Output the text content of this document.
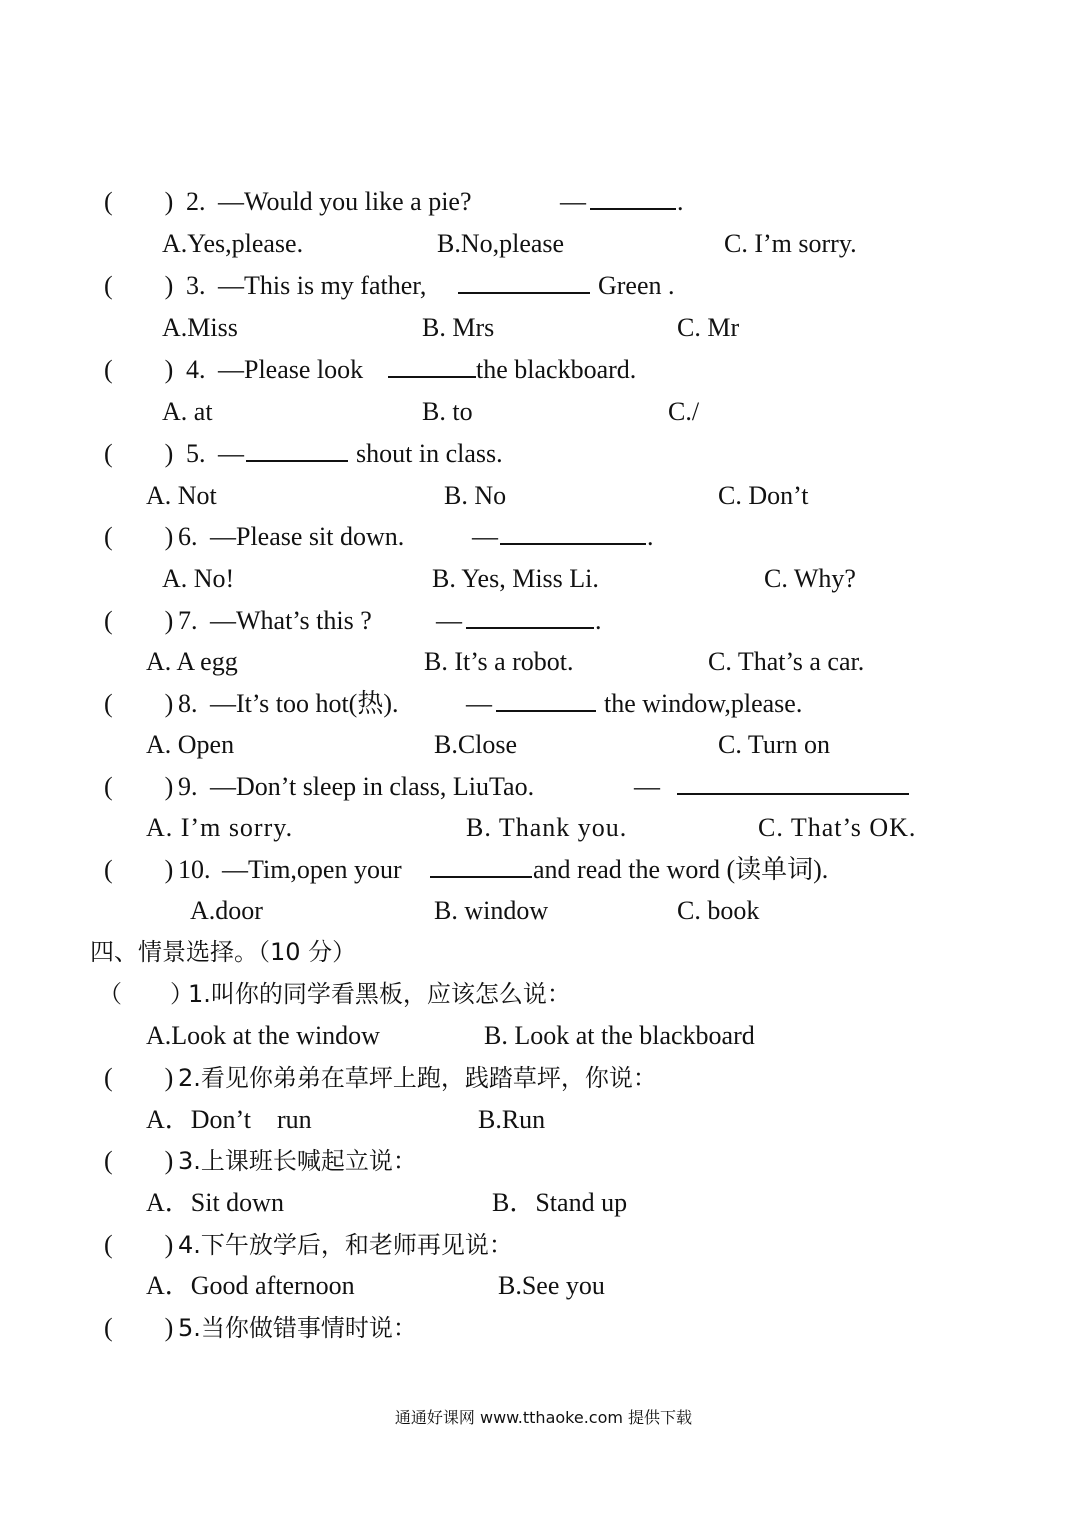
(　　) 2. —Would you like a pie?	—	.
A.Yes,please.	B.No,please	C. I’m sorry.
(　　) 3. —This is my father,	Green .
A.Miss	B. Mrs	C. Mr
(　　) 4. —Please look	the blackboard.
A. at	B. to	C./
(　　) 5. —	shout in class.
A. Not	B. No	C. Don’t
(　　) 6. —Please sit down.	—	.
A. No!	B. Yes, Miss Li.	C. Why?
(　　) 7. —What’s this ? —	.
A. A egg	B. It’s a robot.	C. That’s a car.
(　　) 8. —It’s too hot(热).	—	the window,please.
A. Open	B.Close	C. Turn on
(　　) 9. —Don’t sleep in class, LiuTao.	—
A. I’m sorry.	B. Thank you.	C. That’s OK.
(　　) 10. —Tim,open your	and read the word (读单词).
A.door	B. window	C. book
四、情景选择。（10 分）
（　　）
1.叫你的同学看黑板，应该怎么说：
A.Look at the window	B. Look at the blackboard
(　　) 2.看见你弟弟在草坪上跑，践踏草坪，你说：
A．Don’t    run	B.Run
(　　) 3.上课班长喊起立说：
A．Sit down	B．Stand up
(　　) 4.下午放学后，和老师再见说：
A．Good afternoon	B.See you
(　　) 5.当你做错事情时说：
通通好课网 www.tthaoke.com 提供下载
